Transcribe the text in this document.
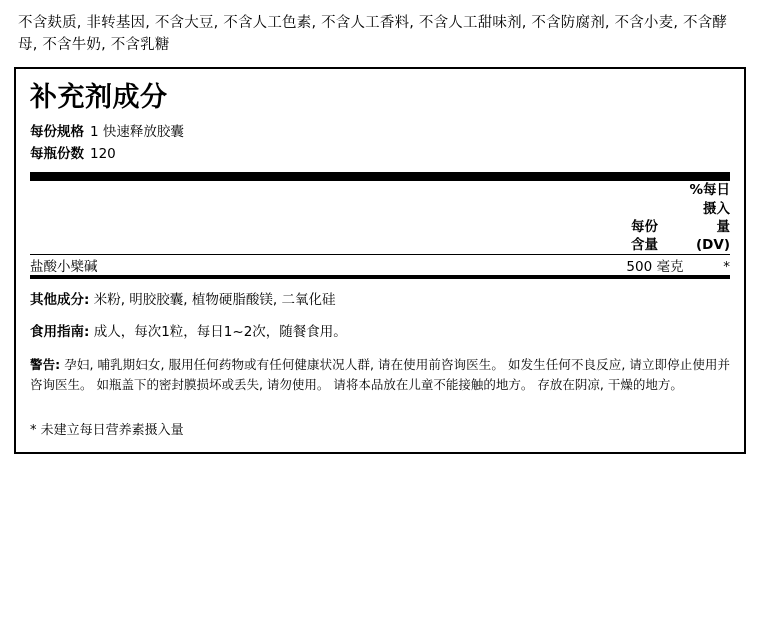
不含麸质, 非转基因, 不含大豆, 不含人工色素, 不含人工香料, 不含人工甜味剂, 不含防腐剂, 不含小麦, 不含酵母, 不含牛奶, 不含乳糖
补充剂成分
每份规格 1 快速释放胶囊
每瓶份数 120

每份
含量

%每日
摄入
量
(DV)
盐酸小檗碱	500 毫克	*
其他成分: 米粉, 明胶胶囊, 植物硬脂酸镁, 二氧化硅
食用指南: 成人，每次1粒，每日1~2次，随餐食用。
警告: 孕妇, 哺乳期妇女, 服用任何药物或有任何健康状况人群, 请在使用前咨询医生。 如发生任何不良反应, 请立即停止使用并咨询医生。 如瓶盖下的密封膜损坏或丢失, 请勿使用。 请将本品放在儿童不能接触的地方。 存放在阴凉, 干燥的地方。
* 未建立每日营养素摄入量
